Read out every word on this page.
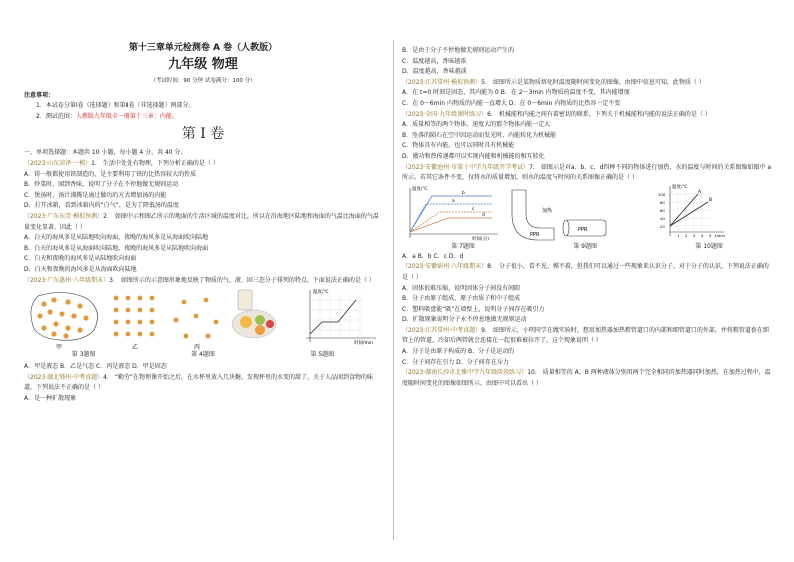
第十三章单元检测卷 A 卷（人教版）
九年级 物理
（考试时间：90 分钟 试卷满分：100 分）
注意事项：
1．本试卷分第Ⅰ卷（选择题）和第Ⅱ卷（非选择题）两部分。
2．测试范围：人教版九年级全一册第十三章：内能。
第 Ⅰ 卷
一、单项选择题：本题共 10 小题，每小题 4 分，共 40 分。
（2023·山东菏泽·一模）1． 生活中处处有物理，下列分析正确的是（ ）
A．铸一般都使用铁制造的，是主要利用了铁的比热容较大的性质
B．炒菜时，闻到香味，说明了分子在不停地做无规则运动
C．煲汤时，汤汁沸腾是通过做功的方式增加汤的内能
D．打开冰箱，看到冰箱内的“白气”，是为了降低汤的温度
（2023·广东东莞·模拟预测）2． 如图中示和图乙所示的地面的生活区域的温度对比，所以在沿海地区陆地和海面的气温比海面的气温量变化显著。因此（ ）
A．白天的海风多是从陆地吹向海面，夜晚的海风多是从海面吹向陆地
B．白天的海风多是从海面吹向陆地，夜晚的海风多是从陆地吹向海面
C．白天和夜晚的海风多是从陆地吹向海面
D．白天和夜晚的海风多是从海面吹向陆地
（2023·广东惠州·八年级期末）3． 如图所示的示意图形象地反映了物质的气、液、固三态分子排列的特点，下面说法正确的是（ ）
甲	乙	丙
温度/℃
时间/min
第 3题图	第 4题图	第 5题图
A．甲是液态 B．乙是气态 C．丙是液态 D．甲是固态
（2023·湖北鄂州·中考真题）4． “勤劳”在物理课开始之后，在水杯里放入几块糖，发现杯里的水变的甜了，关于人品闻到食物的味道，下列说法不正确的是（ ）
A．是一种扩散现象
B．是由于分子不停地做无规则运动产生的
C．温度越高，香味越浓
D．温度越高，香味越淡
（2023·江苏常州·模拟预测）5． 如图所示是某物质熔化时温度随时间变化的图像，由图中信息可知，此物质（ ）
A．在 t=0 时刻是固态，其内能为 0 B．在 2～3min 内物质的温度不变，其内能增加
C．在 0～6min 内物质的内能一直增大 D．在 0～6min 内物质的比热容一定不变
（2023·全国·九年级课时练习）6． 机械能和内能之间有着密切的联系，下列关于机械能和内能的说法正确的是（ ）
A．质量相等的两个物体，速度大的那个物体内能一定大
B．坠落的陨石在空中因运动而发光时，内能转化为机械能
C．物体具有内能，也可以同时具有机械能
D．做功和热传递都可以实现内能和机械能的相互转化
（2023·安徽池州·市第十中学九年级开学考试）7． 如图示是对a、b、c、d四种不同的物体进行加热，水的温度与时间的关系图像如图中 a 所示。若其它条件不变，仅将水的质量增加，则水的温度与时间的关系图像正确的是（ ）
a
b
c
d
温度/℃
时间(分)
加热
PPR
PPR
A
B
温度/℃
100
80
60
40
20
1 2 3 4 5 t/min
第 7题图	第 9题图	第 10题图
A．a B．b C．c D．d
（2023·安徽宿州·八年级期末）8． 分子很小，看不见、摸不着，但我们可以通过一些现象来认识分子。对于分子的认识，下列说法正确的是（ ）
A．固体很难压缩，说明固体分子间没有间隙
B．分子由原子组成，原子由质子和中子组成
C．塑料吸盘能“吸”在墙壁上，说明分子间存在吸引力
D．扩散现象说明分子永不停息地做无规则运动
（2023·江苏常州·中考真题）9． 如图所示，小明同学在做实验时，想用加热器加热粗管道口的内部和细管道口的外部，并将粗管道套在细管上的管道，冷却后两管就会连接在一起很难被拉开了，这个现象说明（ ）
A．分子是由原子构成的 B．分子是运动的
C．分子间存在引力 D．分子间存在斥力
（2023·湖南长沙市北雅中学九年级阶段练习）10． 质量相等的 A、B 两种液体分别用两个完全相同的加热器同时加热，在加热过程中，温度随时间变化的图像如图所示，由图中可以看出（ ）
